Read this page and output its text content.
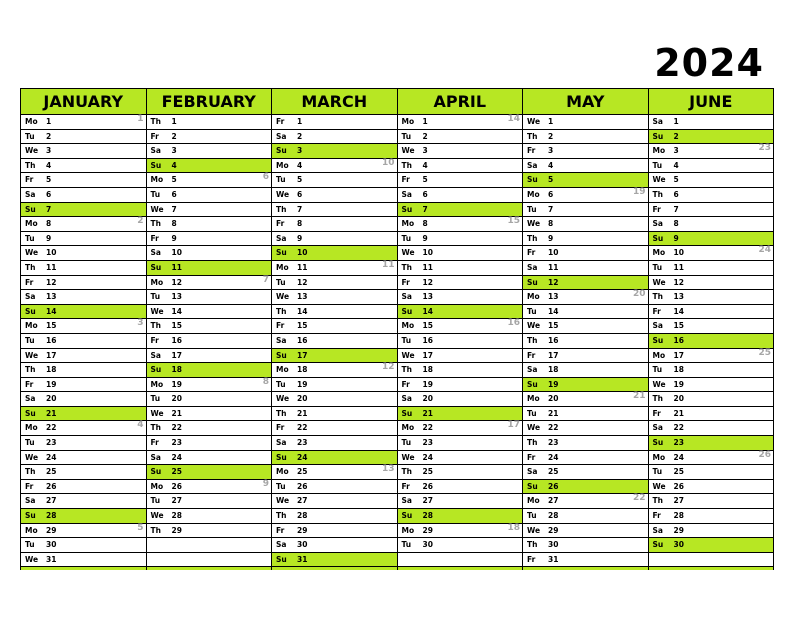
2024
JANUARY
Mo 1	1
Tu 2
We 3
Th 4
Fr 5
Sa 6
Su 7
Mo 8	2
Tu 9
We 10
Th 11
Fr 12
Sa 13
Su 14
Mo 15	3
Tu 16
We 17
Th 18
Fr 19
Sa 20
Su 21
Mo 22	4
Tu 23
We 24
Th 25
Fr 26
Sa 27
Su 28
Mo 29	5
Tu 30
We 31
FEBRUARY
Th 1
Fr 2
Sa 3
Su 4
Mo 5	6
Tu 6
We 7
Th 8
Fr 9
Sa 10
Su 11
Mo 12	7
Tu 13
We 14
Th 15
Fr 16
Sa 17
Su 18
Mo 19	8
Tu 20
We 21
Th 22
Fr 23
Sa 24
Su 25
Mo 26	9
Tu 27
We 28
Th 29
MARCH
Fr 1
Sa 2
Su 3
Mo 4	10
Tu 5
We 6
Th 7
Fr 8
Sa 9
Su 10
Mo 11	11
Tu 12
We 13
Th 14
Fr 15
Sa 16
Su 17
Mo 18	12
Tu 19
We 20
Th 21
Fr 22
Sa 23
Su 24
Mo 25	13
Tu 26
We 27
Th 28
Fr 29
Sa 30
Su 31
APRIL
Mo 1	14
Tu 2
We 3
Th 4
Fr 5
Sa 6
Su 7
Mo 8	15
Tu 9
We 10
Th 11
Fr 12
Sa 13
Su 14
Mo 15	16
Tu 16
We 17
Th 18
Fr 19
Sa 20
Su 21
Mo 22	17
Tu 23
We 24
Th 25
Fr 26
Sa 27
Su 28
Mo 29	18
Tu 30
MAY
We 1
Th 2
Fr 3
Sa 4
Su 5
Mo 6	19
Tu 7
We 8
Th 9
Fr 10
Sa 11
Su 12
Mo 13	20
Tu 14
We 15
Th 16
Fr 17
Sa 18
Su 19
Mo 20	21
Tu 21
We 22
Th 23
Fr 24
Sa 25
Su 26
Mo 27	22
Tu 28
We 29
Th 30
Fr 31
JUNE
Sa 1
Su 2
Mo 3	23
Tu 4
We 5
Th 6
Fr 7
Sa 8
Su 9
Mo 10	24
Tu 11
We 12
Th 13
Fr 14
Sa 15
Su 16
Mo 17	25
Tu 18
We 19
Th 20
Fr 21
Sa 22
Su 23
Mo 24	26
Tu 25
We 26
Th 27
Fr 28
Sa 29
Su 30
